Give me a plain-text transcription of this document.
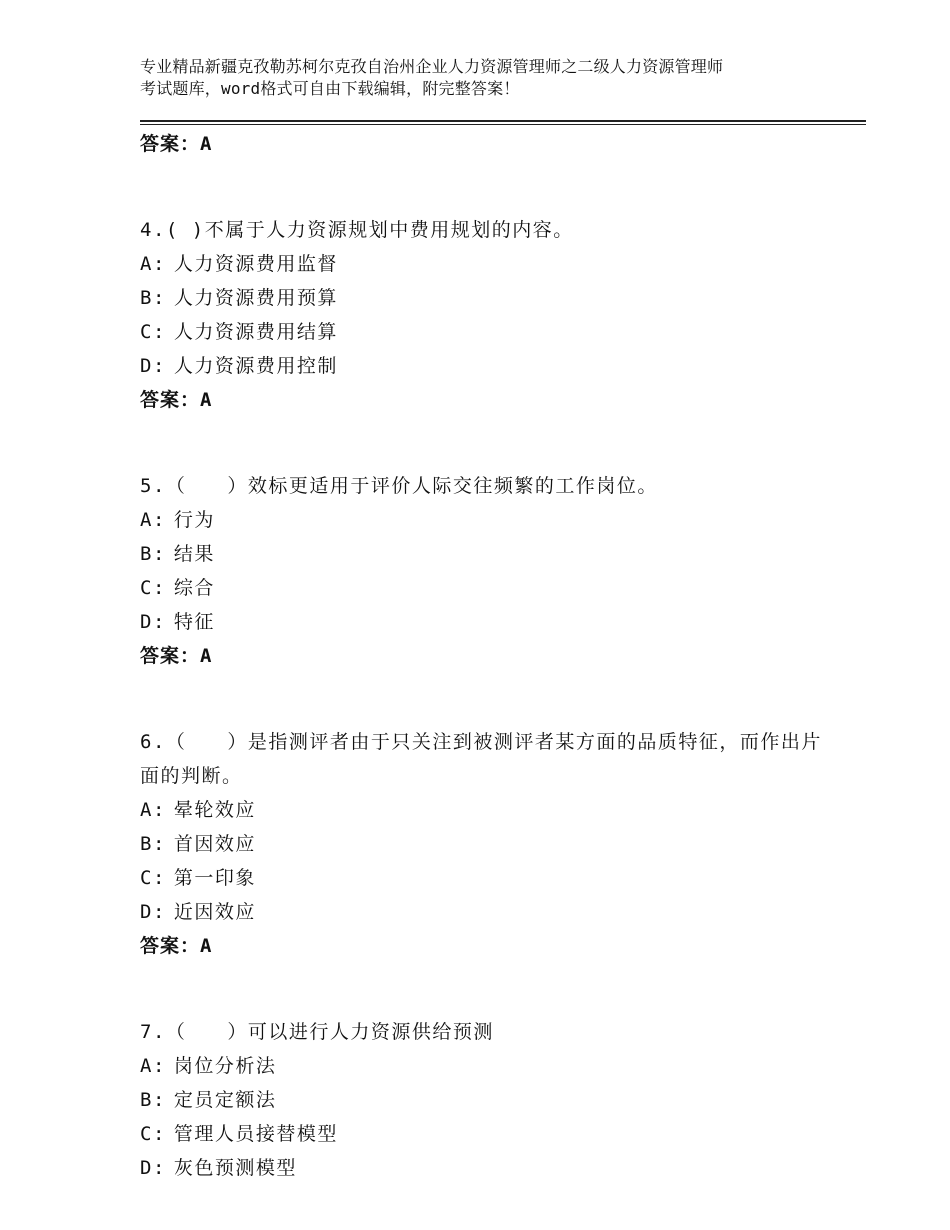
专业精品新疆克孜勒苏柯尔克孜自治州企业人力资源管理师之二级人力资源管理师
考试题库，word格式可自由下载编辑，附完整答案！

答案：A

4.( )不属于人力资源规划中费用规划的内容。
A: 人力资源费用监督
B: 人力资源费用预算
C: 人力资源费用结算
D: 人力资源费用控制

答案：A

5.（　　）效标更适用于评价人际交往频繁的工作岗位。
A: 行为
B: 结果
C: 综合
D: 特征

答案：A

6.（　　）是指测评者由于只关注到被测评者某方面的品质特征，而作出片面的判断。
A: 晕轮效应
B: 首因效应
C: 第一印象
D: 近因效应

答案：A

7.（　　）可以进行人力资源供给预测
A: 岗位分析法
B: 定员定额法
C: 管理人员接替模型
D: 灰色预测模型
